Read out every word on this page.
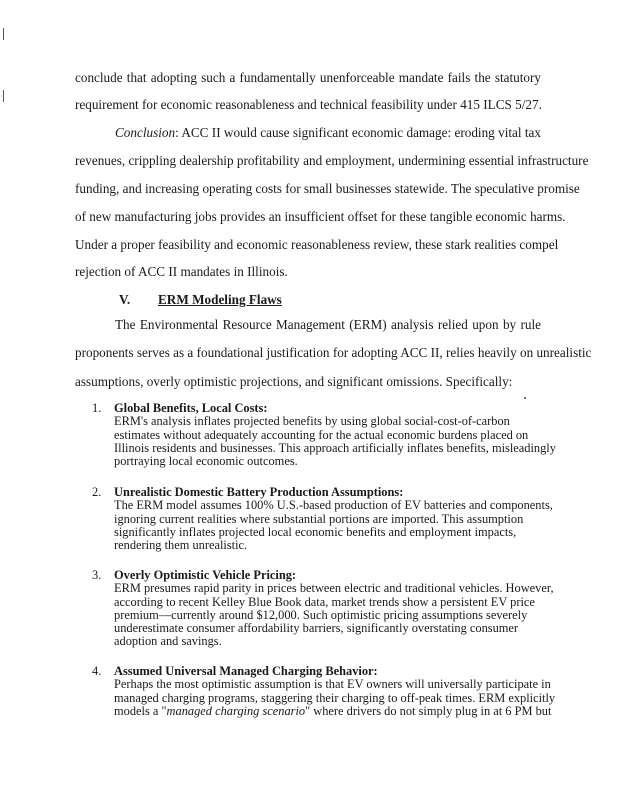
conclude that adopting such a fundamentally unenforceable mandate fails the statutory
requirement for economic reasonableness and technical feasibility under 415 ILCS 5/27.
Conclusion: ACC II would cause significant economic damage: eroding vital tax
revenues, crippling dealership profitability and employment, undermining essential infrastructure
funding, and increasing operating costs for small businesses statewide. The speculative promise
of new manufacturing jobs provides an insufficient offset for these tangible economic harms.
Under a proper feasibility and economic reasonableness review, these stark realities compel
rejection of ACC II mandates in Illinois.
V. ERM Modeling Flaws
The Environmental Resource Management (ERM) analysis relied upon by rule
proponents serves as a foundational justification for adopting ACC II, relies heavily on unrealistic
assumptions, overly optimistic projections, and significant omissions. Specifically:
1. Global Benefits, Local Costs:
ERM's analysis inflates projected benefits by using global social-cost-of-carbon
estimates without adequately accounting for the actual economic burdens placed on
Illinois residents and businesses. This approach artificially inflates benefits, misleadingly
portraying local economic outcomes.
2. Unrealistic Domestic Battery Production Assumptions:
The ERM model assumes 100% U.S.-based production of EV batteries and components,
ignoring current realities where substantial portions are imported. This assumption
significantly inflates projected local economic benefits and employment impacts,
rendering them unrealistic.
3. Overly Optimistic Vehicle Pricing:
ERM presumes rapid parity in prices between electric and traditional vehicles. However,
according to recent Kelley Blue Book data, market trends show a persistent EV price
premium—currently around $12,000. Such optimistic pricing assumptions severely
underestimate consumer affordability barriers, significantly overstating consumer
adoption and savings.
4. Assumed Universal Managed Charging Behavior:
Perhaps the most optimistic assumption is that EV owners will universally participate in
managed charging programs, staggering their charging to off-peak times. ERM explicitly
models a "managed charging scenario" where drivers do not simply plug in at 6 PM but
